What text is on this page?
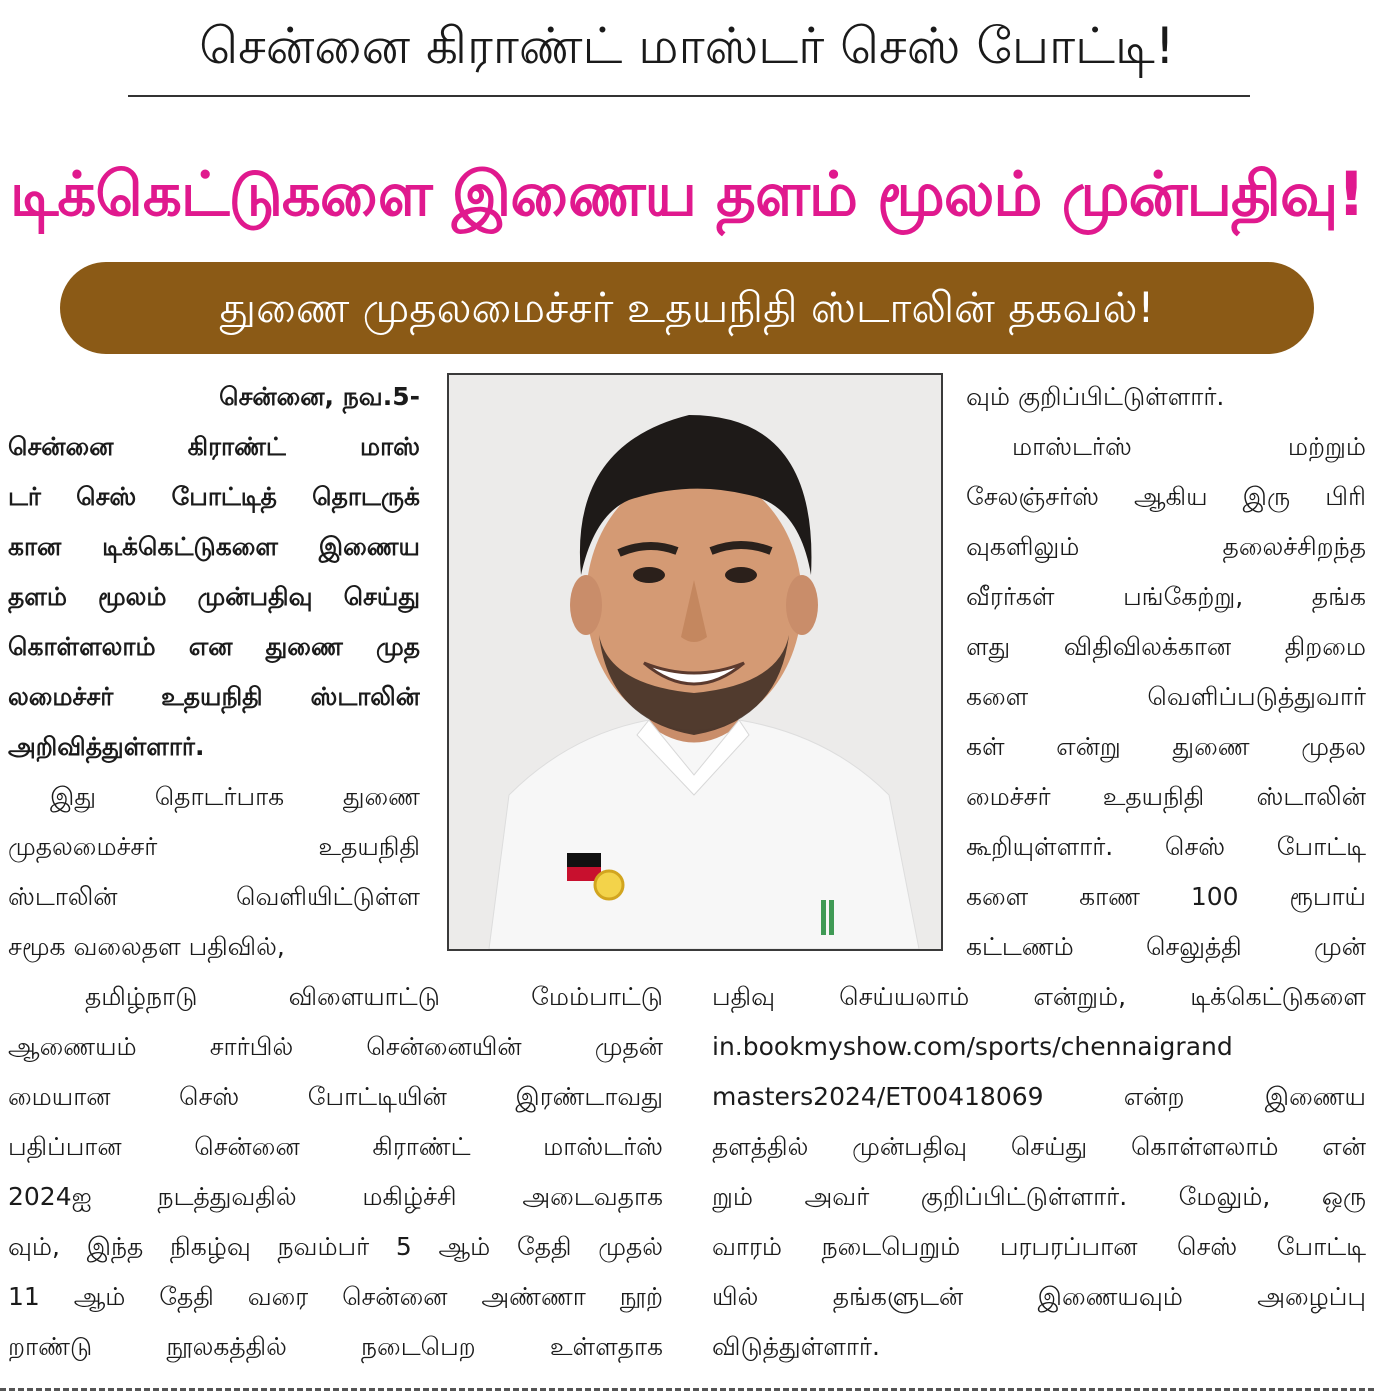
சென்னை கிராண்ட் மாஸ்டர் செஸ் போட்டி!
டிக்கெட்டுகளை இணைய தளம் மூலம் முன்பதிவு!
துணை முதலமைச்சர் உதயநிதி ஸ்டாலின் தகவல்!
சென்னை, நவ.5-
சென்னை கிராண்ட் மாஸ்
டர் செஸ் போட்டித் தொடருக்
கான டிக்கெட்டுகளை இணைய
தளம் மூலம் முன்பதிவு செய்து
கொள்ளலாம் என துணை முத
லமைச்சர் உதயநிதி ஸ்டாலின்
அறிவித்துள்ளார்.
இது தொடர்பாக துணை
முதலமைச்சர் உதயநிதி
ஸ்டாலின் வெளியிட்டுள்ள
சமூக வலைதள பதிவில்,
வும் குறிப்பிட்டுள்ளார்.
மாஸ்டர்ஸ் மற்றும்
சேலஞ்சர்ஸ் ஆகிய இரு பிரி
வுகளிலும் தலைச்சிறந்த
வீரர்கள் பங்கேற்று, தங்க
ளது விதிவிலக்கான திறமை
களை வெளிப்படுத்துவார்
கள் என்று துணை முதல
மைச்சர் உதயநிதி ஸ்டாலின்
கூறியுள்ளார். செஸ் போட்டி
களை காண 100 ரூபாய்
கட்டணம் செலுத்தி முன்
தமிழ்நாடு விளையாட்டு மேம்பாட்டு
ஆணையம் சார்பில் சென்னையின் முதன்
மையான செஸ் போட்டியின் இரண்டாவது
பதிப்பான சென்னை கிராண்ட் மாஸ்டர்ஸ்
2024ஐ நடத்துவதில் மகிழ்ச்சி அடைவதாக
வும், இந்த நிகழ்வு நவம்பர் 5 ஆம் தேதி முதல்
11 ஆம் தேதி வரை சென்னை அண்ணா நூற்
றாண்டு நூலகத்தில் நடைபெற உள்ளதாக
பதிவு செய்யலாம் என்றும், டிக்கெட்டுகளை
in.bookmyshow.com/sports/chennaigrand
masters2024/ET00418069 என்ற இணைய
தளத்தில் முன்பதிவு செய்து கொள்ளலாம் என்
றும் அவர் குறிப்பிட்டுள்ளார். மேலும், ஒரு
வாரம் நடைபெறும் பரபரப்பான செஸ் போட்டி
யில் தங்களுடன் இணையவும் அழைப்பு
விடுத்துள்ளார்.
